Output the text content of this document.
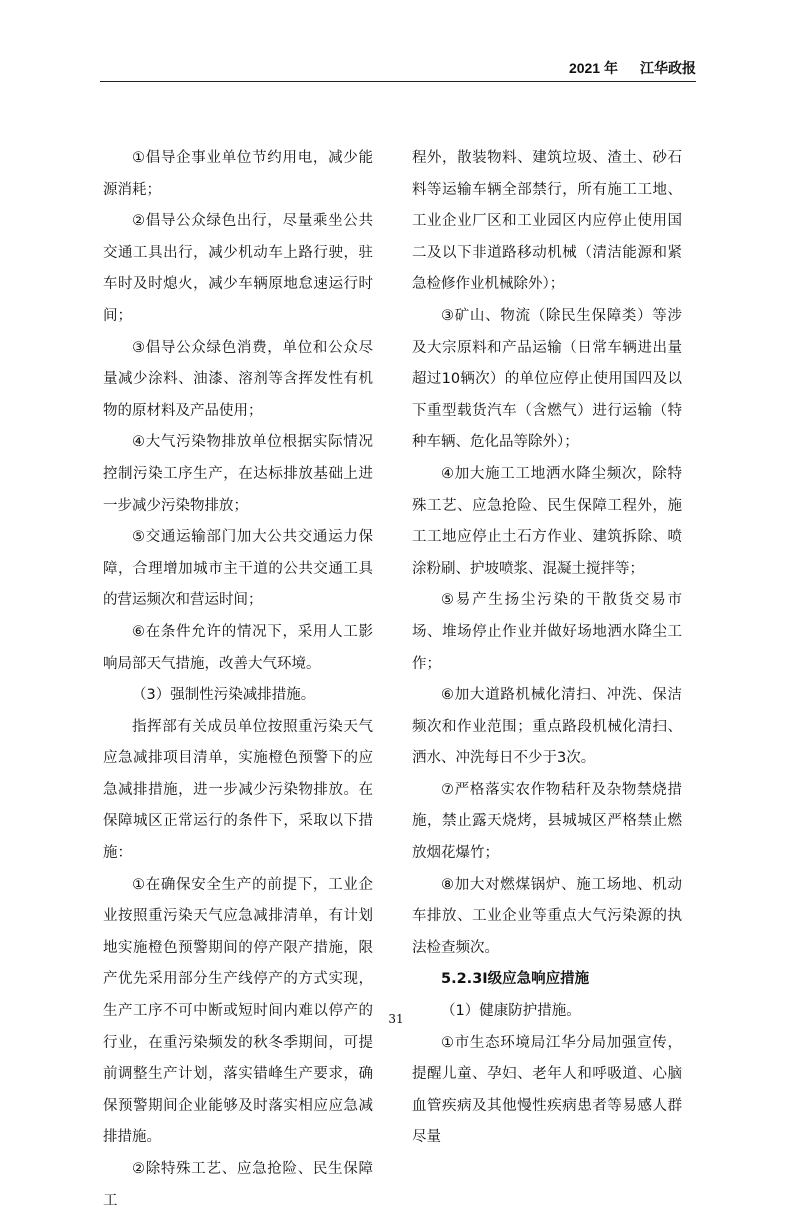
2021 年 江华政报

①倡导企事业单位节约用电，减少能源消耗；

②倡导公众绿色出行，尽量乘坐公共交通工具出行，减少机动车上路行驶，驻车时及时熄火，减少车辆原地怠速运行时间；

③倡导公众绿色消费，单位和公众尽量减少涂料、油漆、溶剂等含挥发性有机物的原材料及产品使用；

④大气污染物排放单位根据实际情况控制污染工序生产，在达标排放基础上进一步减少污染物排放；

⑤交通运输部门加大公共交通运力保障，合理增加城市主干道的公共交通工具的营运频次和营运时间；

⑥在条件允许的情况下，采用人工影响局部天气措施，改善大气环境。

（3）强制性污染减排措施。

指挥部有关成员单位按照重污染天气应急减排项目清单，实施橙色预警下的应急减排措施，进一步减少污染物排放。在保障城区正常运行的条件下，采取以下措施：

①在确保安全生产的前提下，工业企业按照重污染天气应急减排清单，有计划地实施橙色预警期间的停产限产措施，限产优先采用部分生产线停产的方式实现，生产工序不可中断或短时间内难以停产的行业，在重污染频发的秋冬季期间，可提前调整生产计划，落实错峰生产要求，确保预警期间企业能够及时落实相应应急减排措施。

②除特殊工艺、应急抢险、民生保障工

程外，散装物料、建筑垃圾、渣土、砂石料等运输车辆全部禁行，所有施工工地、工业企业厂区和工业园区内应停止使用国二及以下非道路移动机械（清洁能源和紧急检修作业机械除外）；

③矿山、物流（除民生保障类）等涉及大宗原料和产品运输（日常车辆进出量超过10辆次）的单位应停止使用国四及以下重型载货汽车（含燃气）进行运输（特种车辆、危化品等除外）；

④加大施工工地洒水降尘频次，除特殊工艺、应急抢险、民生保障工程外，施工工地应停止土石方作业、建筑拆除、喷涂粉刷、护坡喷浆、混凝土搅拌等；

⑤易产生扬尘污染的干散货交易市场、堆场停止作业并做好场地洒水降尘工作；

⑥加大道路机械化清扫、冲洗、保洁频次和作业范围；重点路段机械化清扫、洒水、冲洗每日不少于3次。

⑦严格落实农作物秸秆及杂物禁烧措施，禁止露天烧烤，县城城区严格禁止燃放烟花爆竹；

⑧加大对燃煤锅炉、施工场地、机动车排放、工业企业等重点大气污染源的执法检查频次。

5.2.3Ⅰ级应急响应措施

（1）健康防护措施。

①市生态环境局江华分局加强宣传，提醒儿童、孕妇、老年人和呼吸道、心脑血管疾病及其他慢性疾病患者等易感人群尽量

31
